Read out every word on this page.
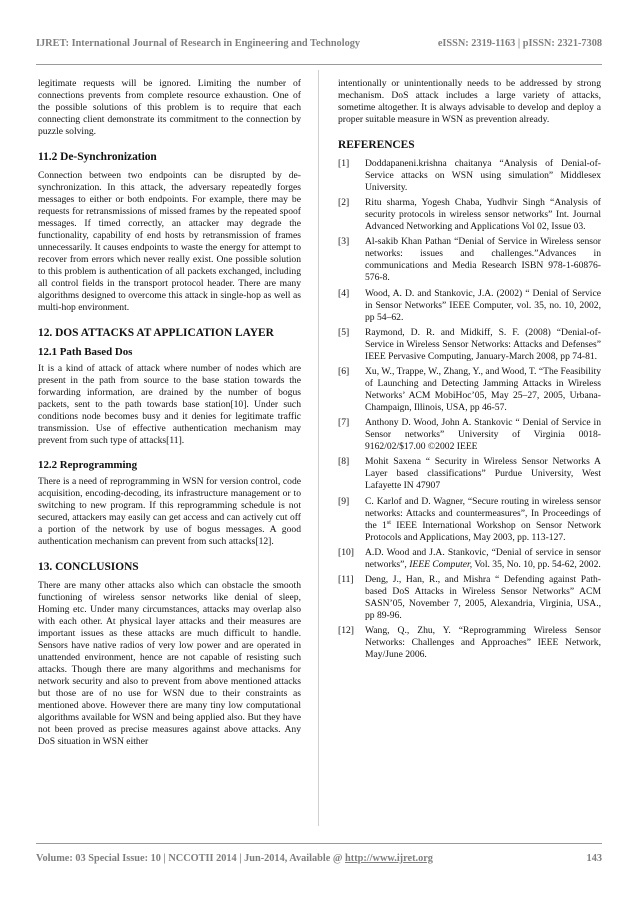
IJRET: International Journal of Research in Engineering and Technology	eISSN: 2319-1163 | pISSN: 2321-7308

legitimate requests will be ignored. Limiting the number of connections prevents from complete resource exhaustion. One of the possible solutions of this problem is to require that each connecting client demonstrate its commitment to the connection by puzzle solving.

11.2 De-Synchronization

Connection between two endpoints can be disrupted by de-synchronization. In this attack, the adversary repeatedly forges messages to either or both endpoints. For example, there may be requests for retransmissions of missed frames by the repeated spoof messages. If timed correctly, an attacker may degrade the functionality, capability of end hosts by retransmission of frames unnecessarily. It causes endpoints to waste the energy for attempt to recover from errors which never really exist. One possible solution to this problem is authentication of all packets exchanged, including all control fields in the transport protocol header. There are many algorithms designed to overcome this attack in single-hop as well as multi-hop environment.

12. DOS ATTACKS AT APPLICATION LAYER
12.1 Path Based Dos

It is a kind of attack of attack where number of nodes which are present in the path from source to the base station towards the forwarding information, are drained by the number of bogus packets, sent to the path towards base station[10]. Under such conditions node becomes busy and it denies for legitimate traffic transmission. Use of effective authentication mechanism may prevent from such type of attacks[11].

12.2 Reprogramming

There is a need of reprogramming in WSN for version control, code acquisition, encoding-decoding, its infrastructure management or to switching to new program. If this reprogramming schedule is not secured, attackers may easily can get access and can actively cut off a portion of the network by use of bogus messages. A good authentication mechanism can prevent from such attacks[12].

13. CONCLUSIONS

There are many other attacks also which can obstacle the smooth functioning of wireless sensor networks like denial of sleep, Homing etc. Under many circumstances, attacks may overlap also with each other. At physical layer attacks and their measures are important issues as these attacks are much difficult to handle. Sensors have native radios of very low power and are operated in unattended environment, hence are not capable of resisting such attacks. Though there are many algorithms and mechanisms for network security and also to prevent from above mentioned attacks but those are of no use for WSN due to their constraints as mentioned above. However there are many tiny low computational algorithms available for WSN and being applied also. But they have not been proved as precise measures against above attacks. Any DoS situation in WSN either

intentionally or unintentionally needs to be addressed by strong mechanism. DoS attack includes a large variety of attacks, sometime altogether. It is always advisable to develop and deploy a proper suitable measure in WSN as prevention already.

REFERENCES
[1]	Doddapaneni.krishna chaitanya “Analysis of Denial-of-Service attacks on WSN using simulation” Middlesex University.
[2]	Ritu sharma, Yogesh Chaba, Yudhvir Singh “Analysis of security protocols in wireless sensor networks” Int. Journal Advanced Networking and Applications Vol 02, Issue 03.
[3]	Al-sakib Khan Pathan “Denial of Service in Wireless sensor networks: issues and challenges.”Advances in communications and Media Research ISBN 978-1-60876-576-8.
[4]	Wood, A. D. and Stankovic, J.A. (2002) “ Denial of Service in Sensor Networks” IEEE Computer, vol. 35, no. 10, 2002, pp 54–62.
[5]	Raymond, D. R. and Midkiff, S. F. (2008) “Denial-of-Service in Wireless Sensor Networks: Attacks and Defenses” IEEE Pervasive Computing, January-March 2008, pp 74-81.
[6]	Xu, W., Trappe, W., Zhang, Y., and Wood, T. “The Feasibility of Launching and Detecting Jamming Attacks in Wireless Networks’ ACM MobiHoc’05, May 25–27, 2005, Urbana-Champaign, Illinois, USA, pp 46-57.
[7]	Anthony D. Wood, John A. Stankovic “ Denial of Service in Sensor networks” University of Virginia 0018-9162/02/$17.00 ©2002 IEEE
[8]	Mohit Saxena “ Security in Wireless Sensor Networks A Layer based classifications” Purdue University, West Lafayette IN 47907
[9]	C. Karlof and D. Wagner, “Secure routing in wireless sensor networks: Attacks and countermeasures”, In Proceedings of the 1st IEEE International Workshop on Sensor Network Protocols and Applications, May 2003, pp. 113-127.
[10]	A.D. Wood and J.A. Stankovic, “Denial of service in sensor networks”, IEEE Computer, Vol. 35, No. 10, pp. 54-62, 2002.
[11]	Deng, J., Han, R., and Mishra “ Defending against Path-based DoS Attacks in Wireless Sensor Networks” ACM SASN’05, November 7, 2005, Alexandria, Virginia, USA., pp 89-96.
[12]	Wang, Q., Zhu, Y. “Reprogramming Wireless Sensor Networks: Challenges and Approaches” IEEE Network, May/June 2006.
Volume: 03 Special Issue: 10 | NCCOTII 2014 | Jun-2014, Available @ http://www.ijret.org	143
